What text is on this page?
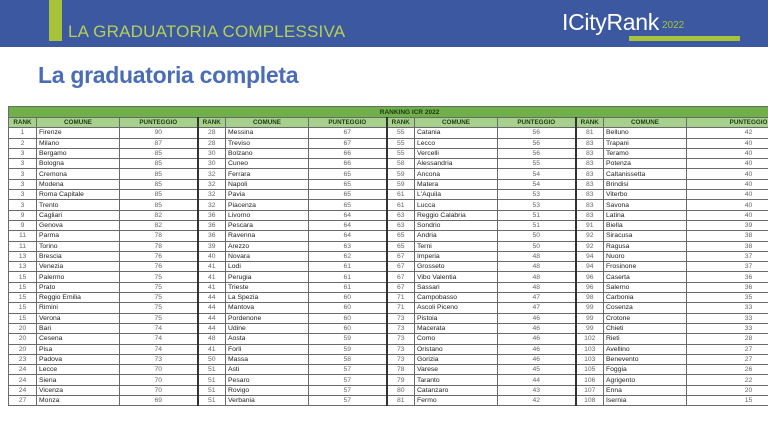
LA GRADUATORIA COMPLESSIVA	ICityRank 2022
La graduatoria completa
RANKING ICR 2022											
RANK	COMUNE	PUNTEGGIO	RANK	COMUNE	PUNTEGGIO	RANK	COMUNE	PUNTEGGIO	RANK	COMUNE	PUNTEGGIO
1	Firenze	90	28	Messina	67	55	Catania	56	81	Belluno	42
2	Milano	87	28	Treviso	67	55	Lecco	56	83	Trapani	40
3	Bergamo	85	30	Bolzano	66	55	Vercelli	56	83	Teramo	40
3	Bologna	85	30	Cuneo	66	58	Alessandria	55	83	Potenza	40
3	Cremona	85	32	Ferrara	65	59	Ancona	54	83	Caltanissetta	40
3	Modena	85	32	Napoli	65	59	Matera	54	83	Brindisi	40
3	Roma Capitale	85	32	Pavia	65	61	L'Aquila	53	83	Viterbo	40
3	Trento	85	32	Piacenza	65	61	Lucca	53	83	Savona	40
9	Cagliari	82	36	Livorno	64	63	Reggio Calabria	51	83	Latina	40
9	Genova	82	36	Pescara	64	63	Sondrio	51	91	Biella	39
11	Parma	78	36	Ravenna	64	65	Andria	50	92	Siracusa	38
11	Torino	78	39	Arezzo	63	65	Terni	50	92	Ragusa	38
13	Brescia	76	40	Novara	62	67	Imperia	48	94	Nuoro	37
13	Venezia	76	41	Lodi	61	67	Grosseto	48	94	Frosinone	37
15	Palermo	75	41	Perugia	61	67	Vibo Valentia	48	96	Caserta	36
15	Prato	75	41	Trieste	61	67	Sassari	48	96	Salerno	36
15	Reggio Emilia	75	44	La Spezia	60	71	Campobasso	47	98	Carbonia	35
15	Rimini	75	44	Mantova	60	71	Ascoli Piceno	47	99	Cosenza	33
15	Verona	75	44	Pordenone	60	73	Pistoia	46	99	Crotone	33
20	Bari	74	44	Udine	60	73	Macerata	46	99	Chieti	33
20	Cesena	74	48	Aosta	59	73	Como	46	102	Rieti	28
20	Pisa	74	41	Forlì	59	73	Oristano	46	103	Avellino	27
23	Padova	73	50	Massa	58	73	Gorizia	46	103	Benevento	27
24	Lecce	70	51	Asti	57	78	Varese	45	105	Foggia	26
24	Siena	70	51	Pesaro	57	79	Taranto	44	106	Agrigento	22
24	Vicenza	70	51	Rovigo	57	80	Catanzaro	43	107	Enna	20
27	Monza	69	51	Verbania	57	81	Fermo	42	108	Isernia	15
